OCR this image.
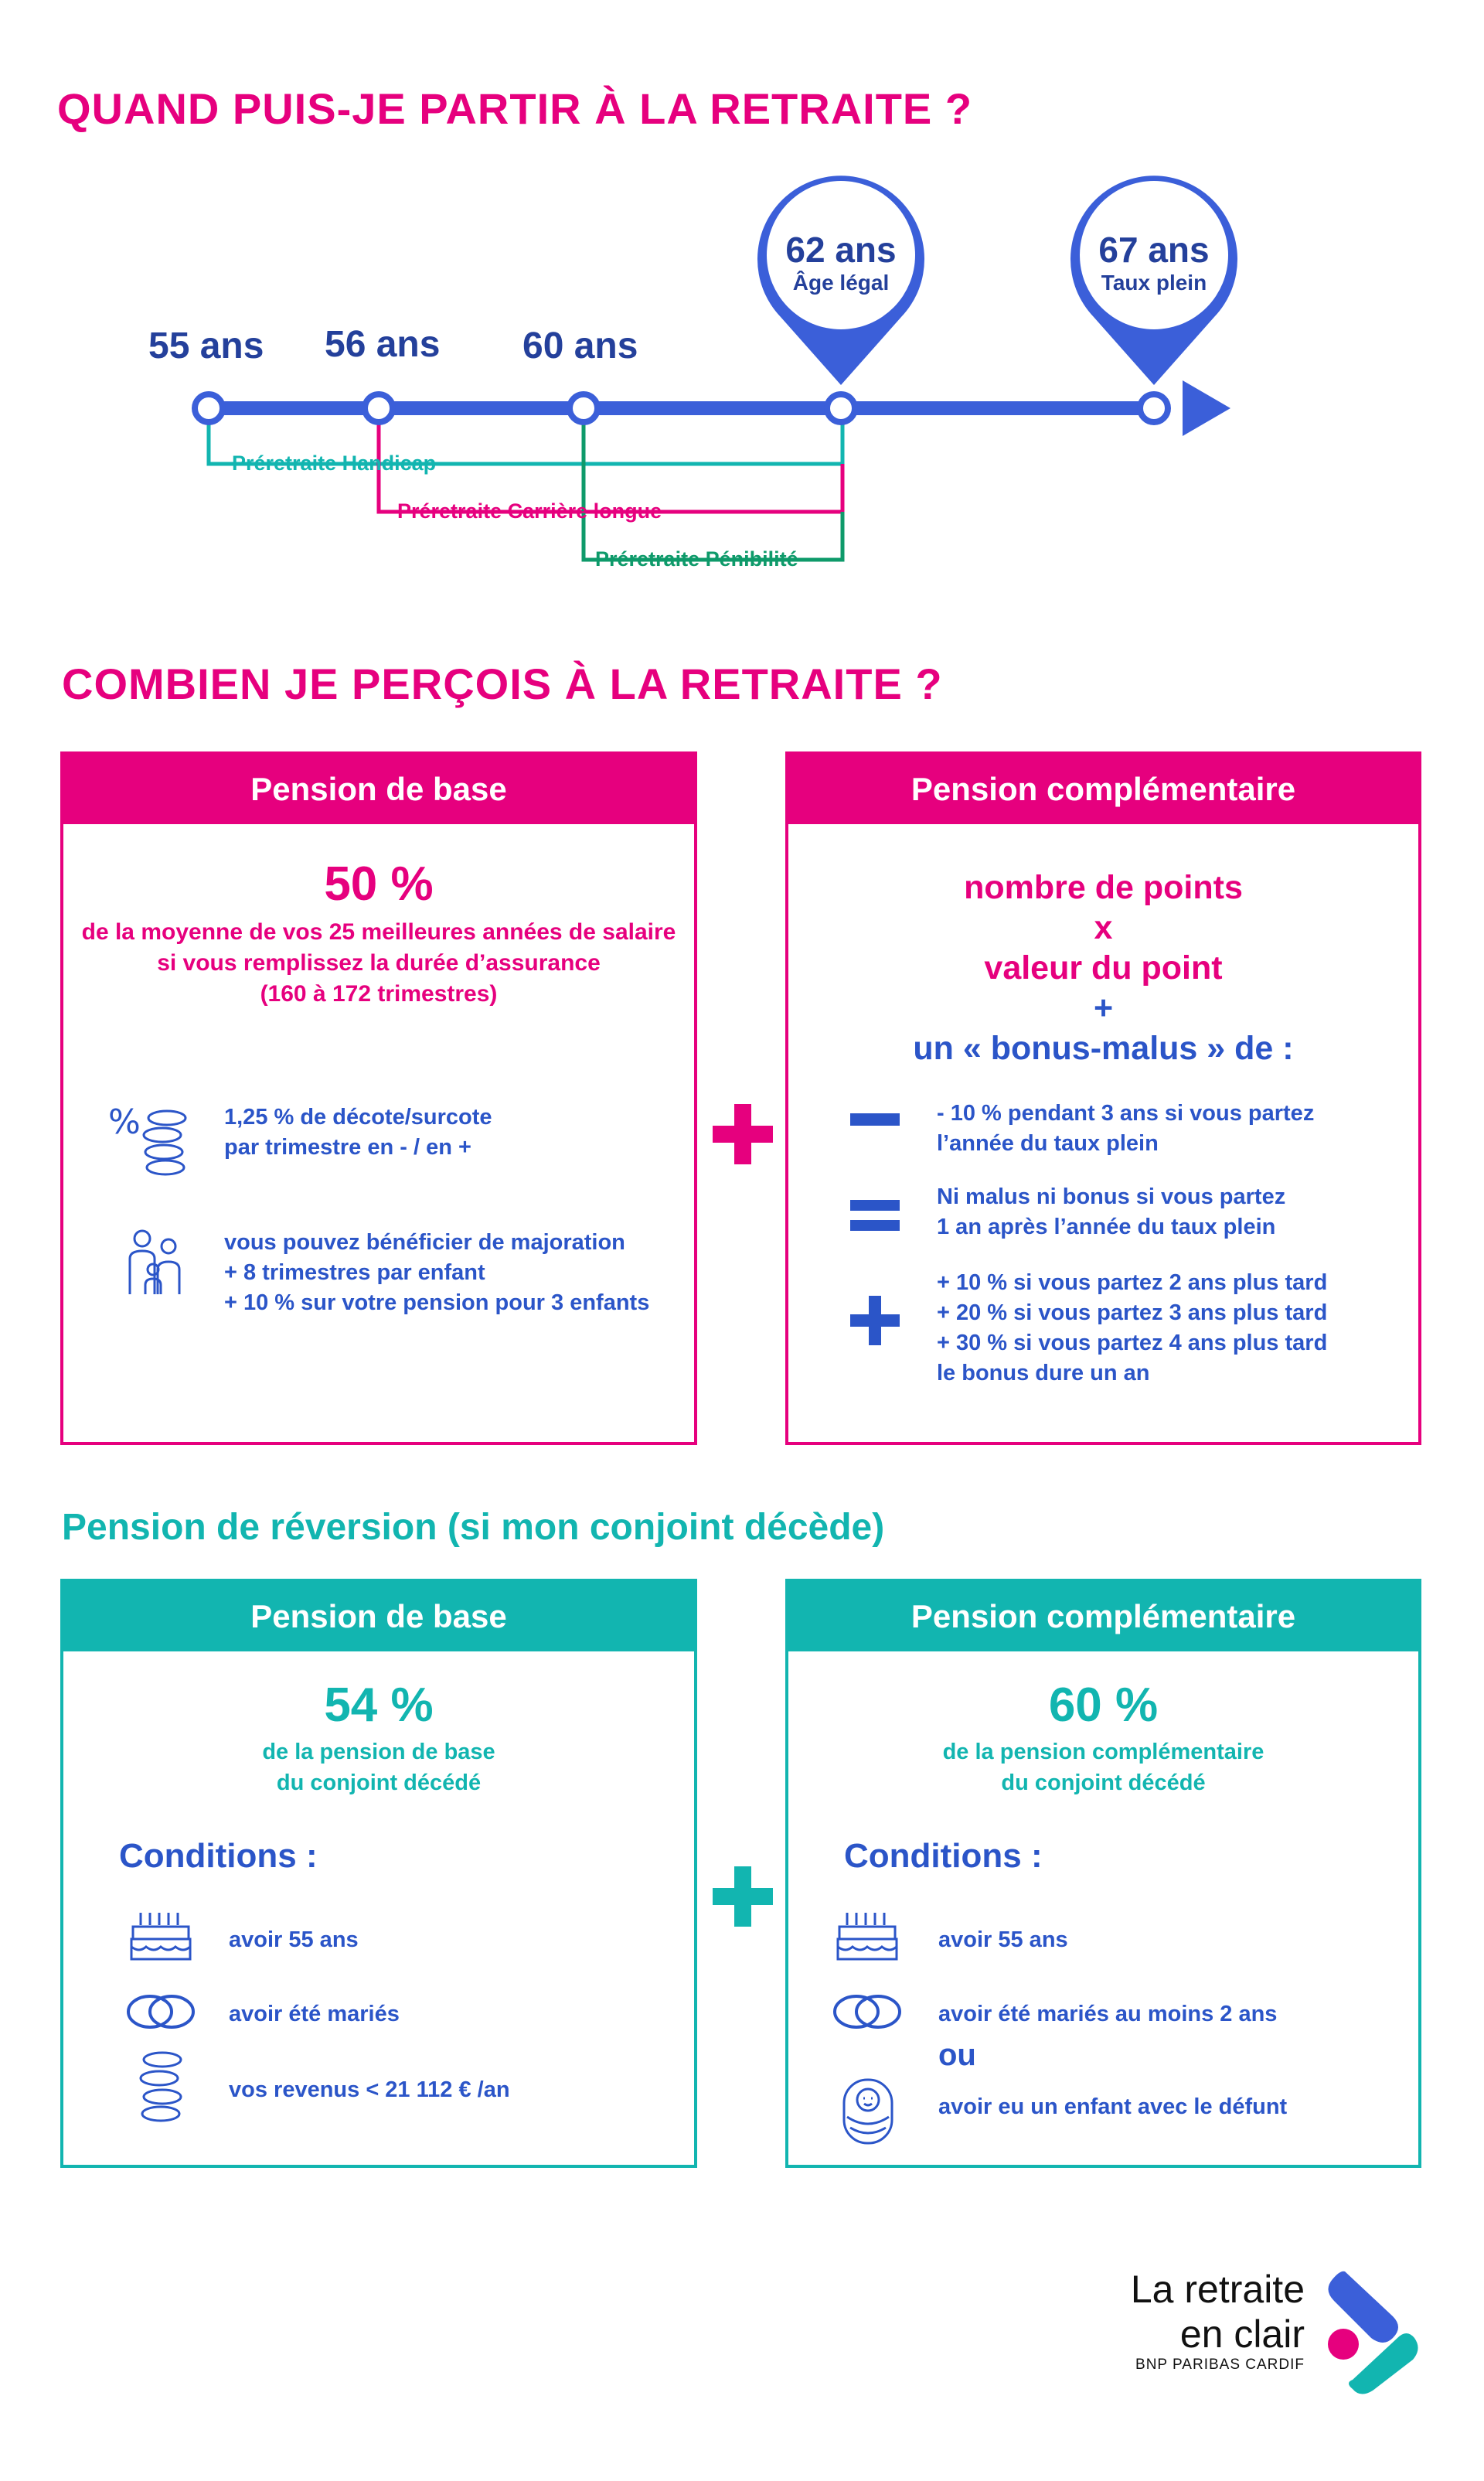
QUAND PUIS-JE PARTIR À LA RETRAITE ?
55 ans 56 ans 60 ans
62 ans
Âge légal
67 ans
Taux plein
Préretraite Handicap
Préretraite Carrière longue
Préretraite Pénibilité
COMBIEN JE PERÇOIS À LA RETRAITE ?
Pension de base
50 %
de la moyenne de vos 25 meilleures années de salaire
si vous remplissez la durée d’assurance
(160 à 172 trimestres)
%	1,25 % de décote/surcote
par trimestre en - / en +
vous pouvez bénéficier de majoration
+ 8 trimestres par enfant
+ 10 % sur votre pension pour 3 enfants
Pension complémentaire
nombre de points
x
valeur du point
+
un « bonus-malus » de :
- 10 % pendant 3 ans si vous partez
l’année du taux plein
Ni malus ni bonus si vous partez
1 an après l’année du taux plein
+ 10 % si vous partez 2 ans plus tard
+ 20 % si vous partez 3 ans plus tard
+ 30 % si vous partez 4 ans plus tard
le bonus dure un an
Pension de réversion (si mon conjoint décède)
Pension de base
54 %
de la pension de base
du conjoint décédé
Conditions :
avoir 55 ans
avoir été mariés
vos revenus < 21 112 € /an
Pension complémentaire
60 %
de la pension complémentaire
du conjoint décédé
Conditions :
avoir 55 ans
avoir été mariés au moins 2 ans
ou
avoir eu un enfant avec le défunt
La retraite
en clair
BNP PARIBAS CARDIF
